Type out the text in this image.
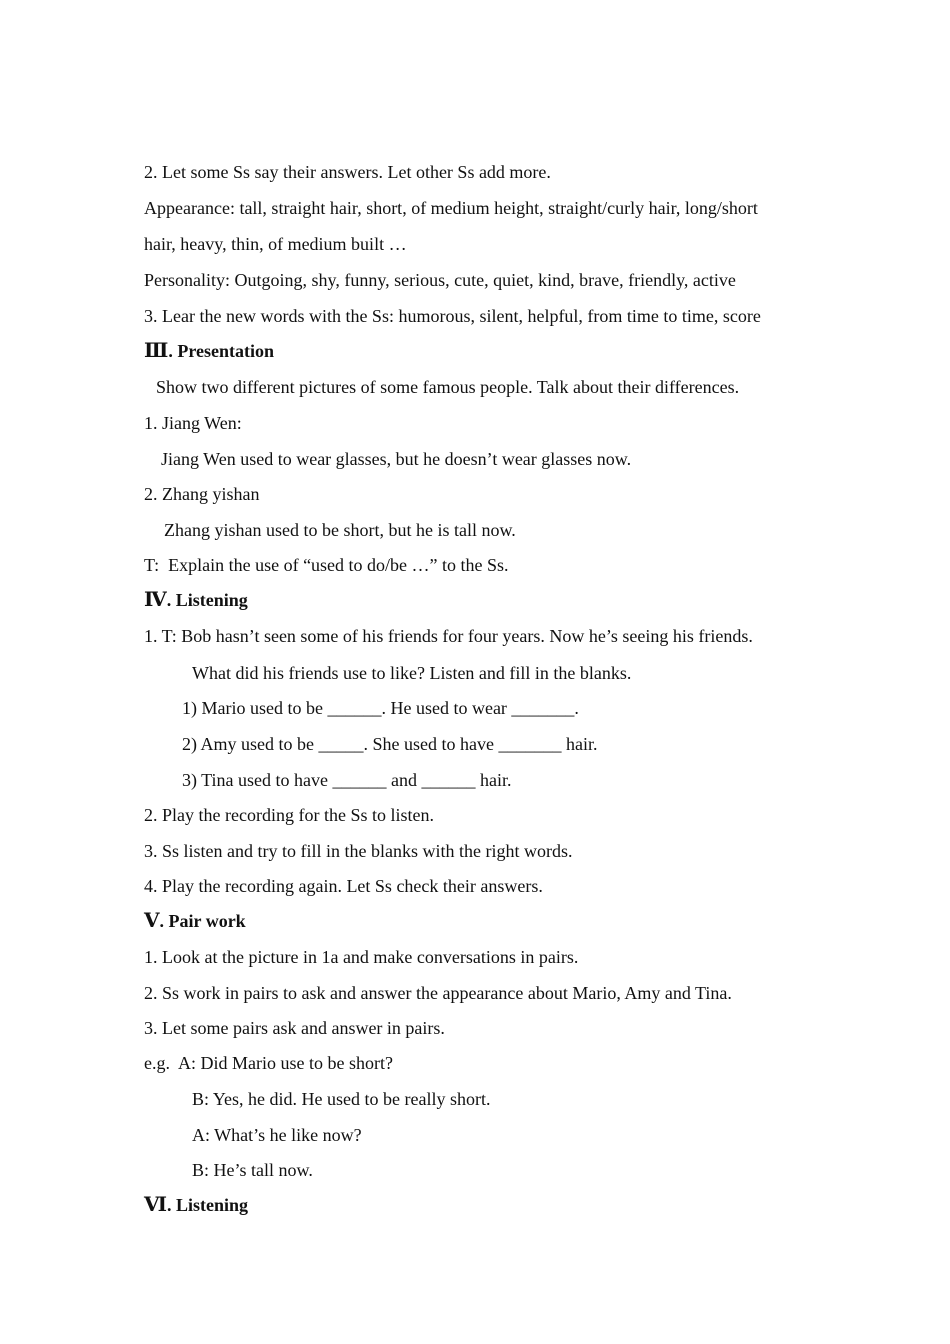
2. Let some Ss say their answers. Let other Ss add more.
Appearance: tall, straight hair, short, of medium height, straight/curly hair, long/short
hair, heavy, thin, of medium built …
Personality: Outgoing, shy, funny, serious, cute, quiet, kind, brave, friendly, active
3. Lear the new words with the Ss: humorous, silent, helpful, from time to time, score
Ⅲ. Presentation
Show two different pictures of some famous people. Talk about their differences.
1. Jiang Wen:
Jiang Wen used to wear glasses, but he doesn’t wear glasses now.
2. Zhang yishan
Zhang yishan used to be short, but he is tall now.
T:  Explain the use of “used to do/be …” to the Ss.
Ⅳ. Listening
1. T: Bob hasn’t seen some of his friends for four years. Now he’s seeing his friends.
What did his friends use to like? Listen and fill in the blanks.
1) Mario used to be ______. He used to wear _______.
2) Amy used to be _____. She used to have _______ hair.
3) Tina used to have ______ and ______ hair.
2. Play the recording for the Ss to listen.
3. Ss listen and try to fill in the blanks with the right words.
4. Play the recording again. Let Ss check their answers.
Ⅴ. Pair work
1. Look at the picture in 1a and make conversations in pairs.
2. Ss work in pairs to ask and answer the appearance about Mario, Amy and Tina.
3. Let some pairs ask and answer in pairs.
e.g.  A: Did Mario use to be short?
B: Yes, he did. He used to be really short.
A: What’s he like now?
B: He’s tall now.
Ⅵ. Listening
